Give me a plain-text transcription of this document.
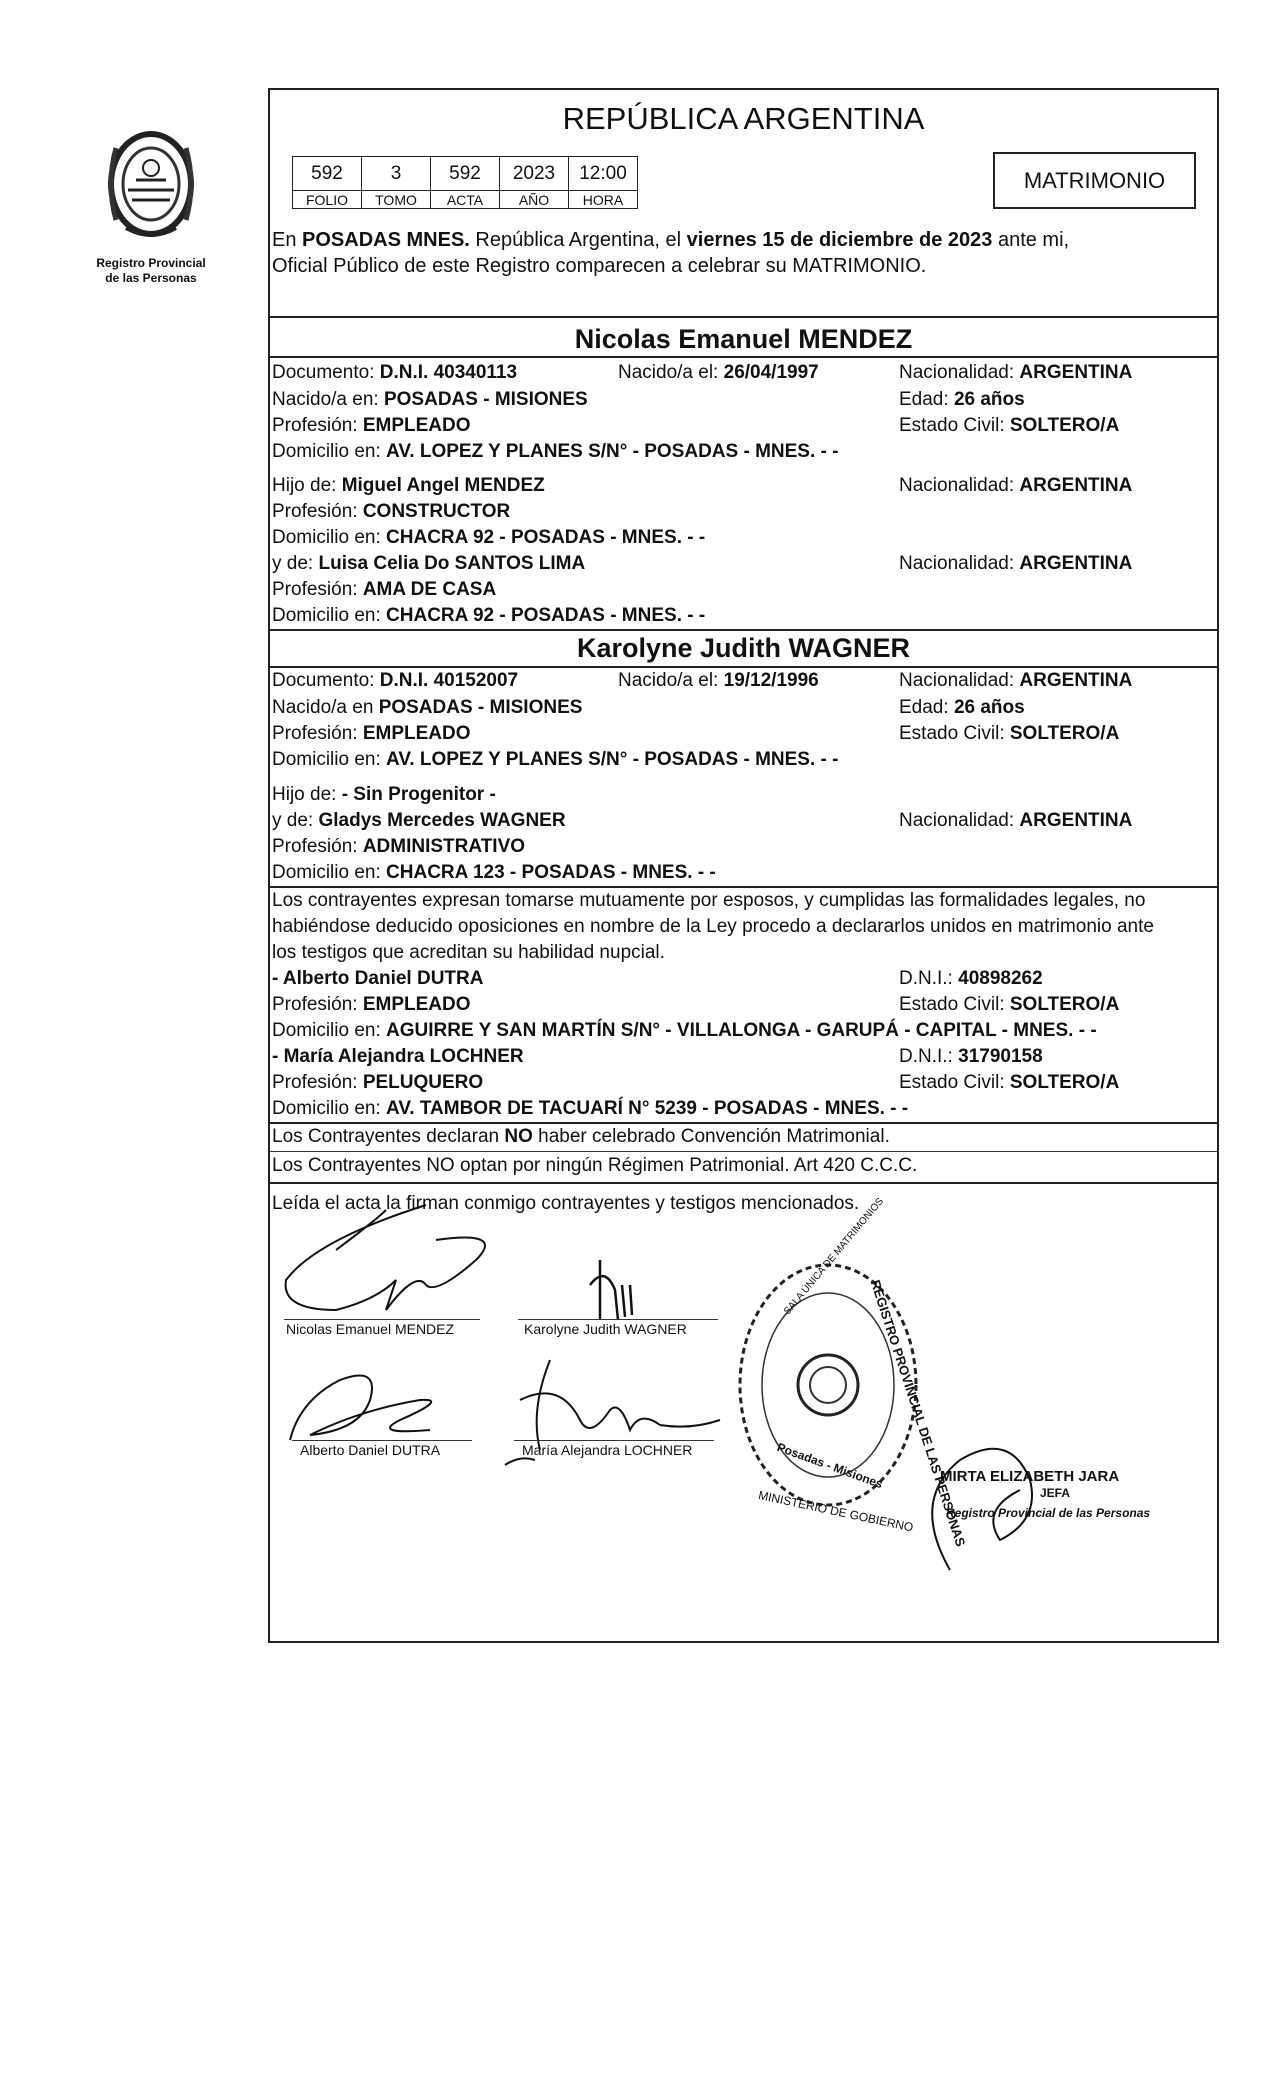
Registro Provincial
de las Personas
REPÚBLICA ARGENTINA
592	3	592	2023	12:00
FOLIO	TOMO	ACTA	AÑO	HORA
MATRIMONIO
En POSADAS MNES. República Argentina, el viernes 15 de diciembre de 2023 ante mi,
Oficial Público de este Registro comparecen a celebrar su MATRIMONIO.
Nicolas Emanuel MENDEZ
Documento: D.N.I. 40340113	Nacido/a el: 26/04/1997	Nacionalidad: ARGENTINA
Nacido/a en: POSADAS - MISIONES	Edad: 26 años
Profesión: EMPLEADO	Estado Civil: SOLTERO/A
Domicilio en: AV. LOPEZ Y PLANES S/N° - POSADAS - MNES. - -
Hijo de: Miguel Angel MENDEZ	Nacionalidad: ARGENTINA
Profesión: CONSTRUCTOR
Domicilio en: CHACRA 92 - POSADAS - MNES. - -
y de: Luisa Celia Do SANTOS LIMA	Nacionalidad: ARGENTINA
Profesión: AMA DE CASA
Domicilio en: CHACRA 92 - POSADAS - MNES. - -
Karolyne Judith WAGNER
Documento: D.N.I. 40152007	Nacido/a el: 19/12/1996	Nacionalidad: ARGENTINA
Nacido/a en POSADAS - MISIONES	Edad: 26 años
Profesión: EMPLEADO	Estado Civil: SOLTERO/A
Domicilio en: AV. LOPEZ Y PLANES S/N° - POSADAS - MNES. - -
Hijo de: - Sin Progenitor -
y de: Gladys Mercedes WAGNER	Nacionalidad: ARGENTINA
Profesión: ADMINISTRATIVO
Domicilio en: CHACRA 123 - POSADAS - MNES. - -
Los contrayentes expresan tomarse mutuamente por esposos, y cumplidas las formalidades legales, no
habiéndose deducido oposiciones en nombre de la Ley procedo a declararlos unidos en matrimonio ante
los testigos que acreditan su habilidad nupcial.
- Alberto Daniel DUTRA	D.N.I.: 40898262
Profesión: EMPLEADO	Estado Civil: SOLTERO/A
Domicilio en: AGUIRRE Y SAN MARTÍN S/N° - VILLALONGA - GARUPÁ - CAPITAL - MNES. - -
- María Alejandra LOCHNER	D.N.I.: 31790158
Profesión: PELUQUERO	Estado Civil: SOLTERO/A
Domicilio en: AV. TAMBOR DE TACUARÍ N° 5239 - POSADAS - MNES. - -
Los Contrayentes declaran NO haber celebrado Convención Matrimonial.
Los Contrayentes NO optan por ningún Régimen Patrimonial. Art 420 C.C.C.
Leída el acta la firman conmigo contrayentes y testigos mencionados.
Nicolas Emanuel MENDEZ	Karolyne Judith WAGNER
Alberto Daniel DUTRA	María Alejandra LOCHNER	REGISTRO PROVINCIAL DE LAS PERSONAS
SALA ÚNICA DE MATRIMONIOS
Posadas - Misiones
MINISTERIO DE GOBIERNO
MIRTA ELIZABETH JARA
JEFA
Registro Provincial de las Personas
